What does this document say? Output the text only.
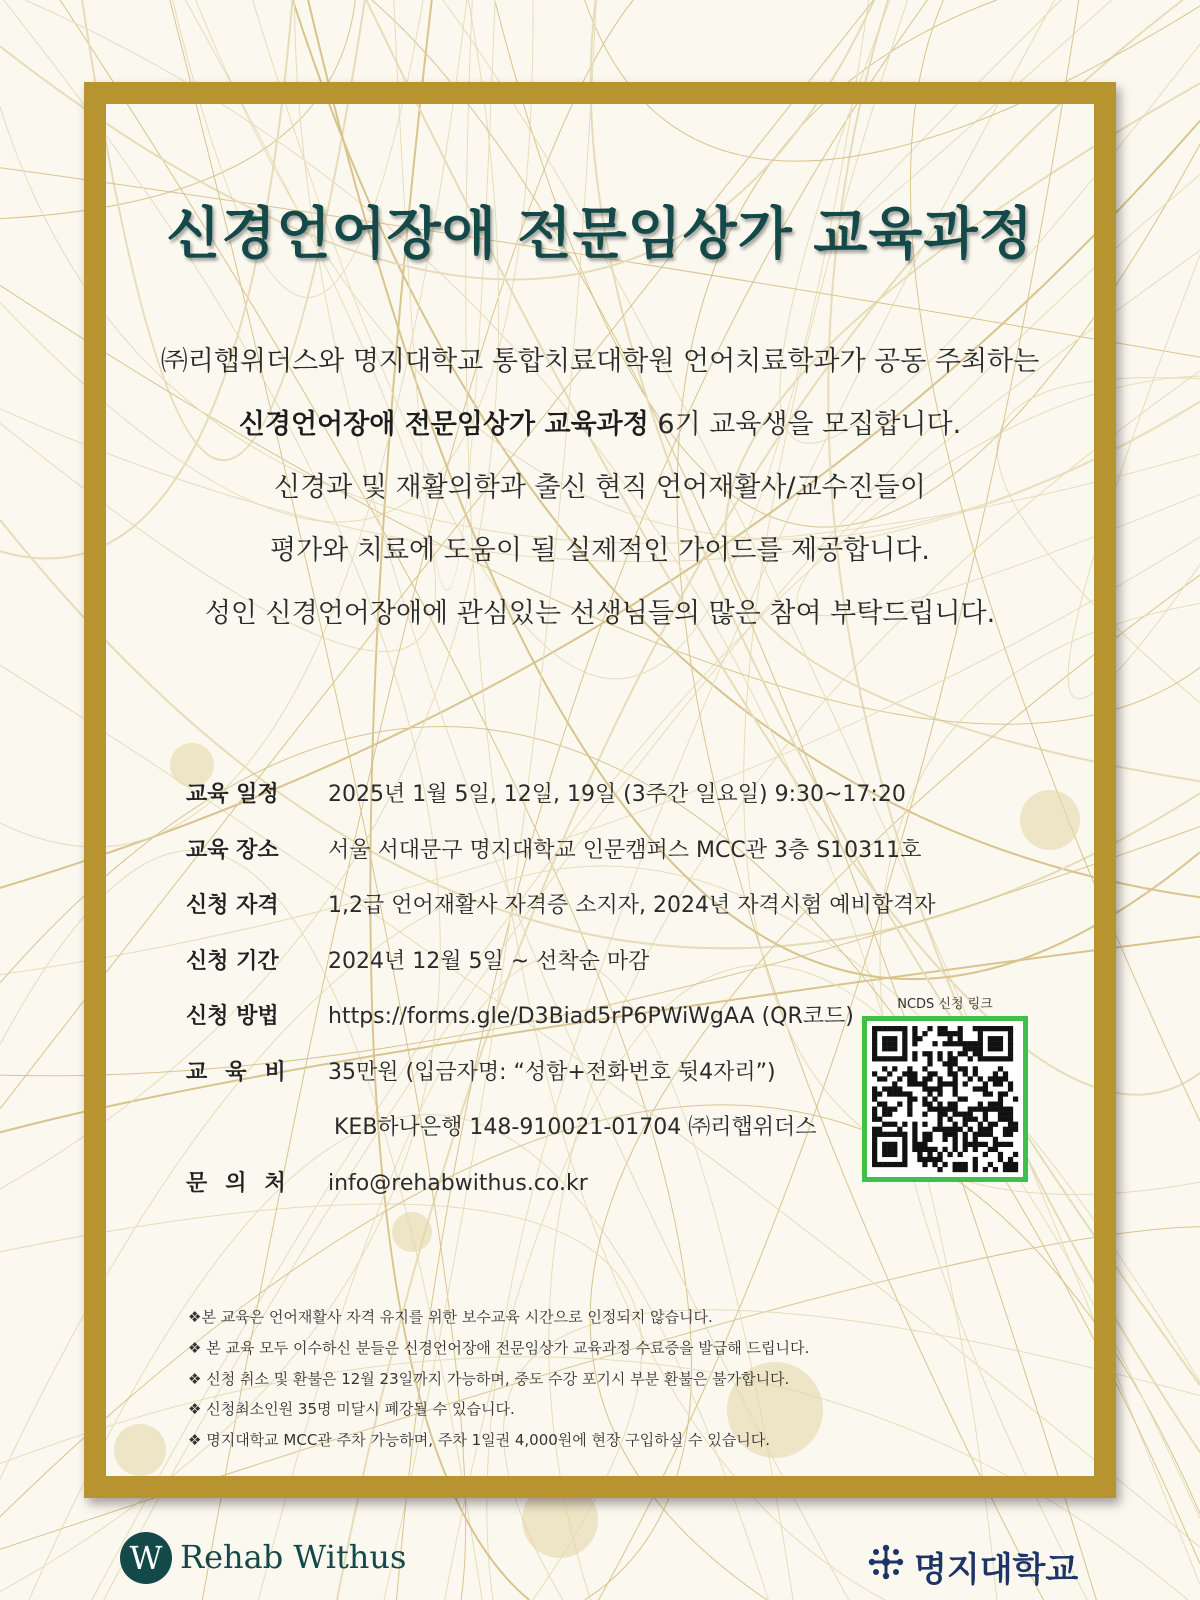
신경언어장애 전문임상가 교육과정

㈜리햅위더스와 명지대학교 통합치료대학원 언어치료학과가 공동 주최하는

신경언어장애 전문임상가 교육과정 6기 교육생을 모집합니다.

신경과 및 재활의학과 출신 현직 언어재활사/교수진들이

평가와 치료에 도움이 될 실제적인 가이드를 제공합니다.

성인 신경언어장애에 관심있는 선생님들의 많은 참여 부탁드립니다.

교육 일정 2025년 1월 5일, 12일, 19일 (3주간 일요일) 9:30~17:20
교육 장소 서울 서대문구 명지대학교 인문캠퍼스 MCC관 3층 S10311호
신청 자격 1,2급 언어재활사 자격증 소지자, 2024년 자격시험 예비합격자
신청 기간 2024년 12월 5일 ~ 선착순 마감
신청 방법 https://forms.gle/D3Biad5rP6PWiWgAA (QR코드)
교육비 35만원 (입금자명: “성함+전화번호 뒷4자리”)
KEB하나은행 148-910021-01704 ㈜리햅위더스
문의처 info@rehabwithus.co.kr
NCDS 신청 링크
❖본 교육은 언어재활사 자격 유지를 위한 보수교육 시간으로 인정되지 않습니다.
❖ 본 교육 모두 이수하신 분들은 신경언어장애 전문임상가 교육과정 수료증을 발급해 드립니다.
❖ 신청 취소 및 환불은 12월 23일까지 가능하며, 중도 수강 포기시 부분 환불은 불가합니다.
❖ 신청최소인원 35명 미달시 폐강될 수 있습니다.
❖ 명지대학교 MCC관 주차 가능하며, 주차 1일권 4,000원에 현장 구입하실 수 있습니다.
W Rehab Withus	명지대학교
